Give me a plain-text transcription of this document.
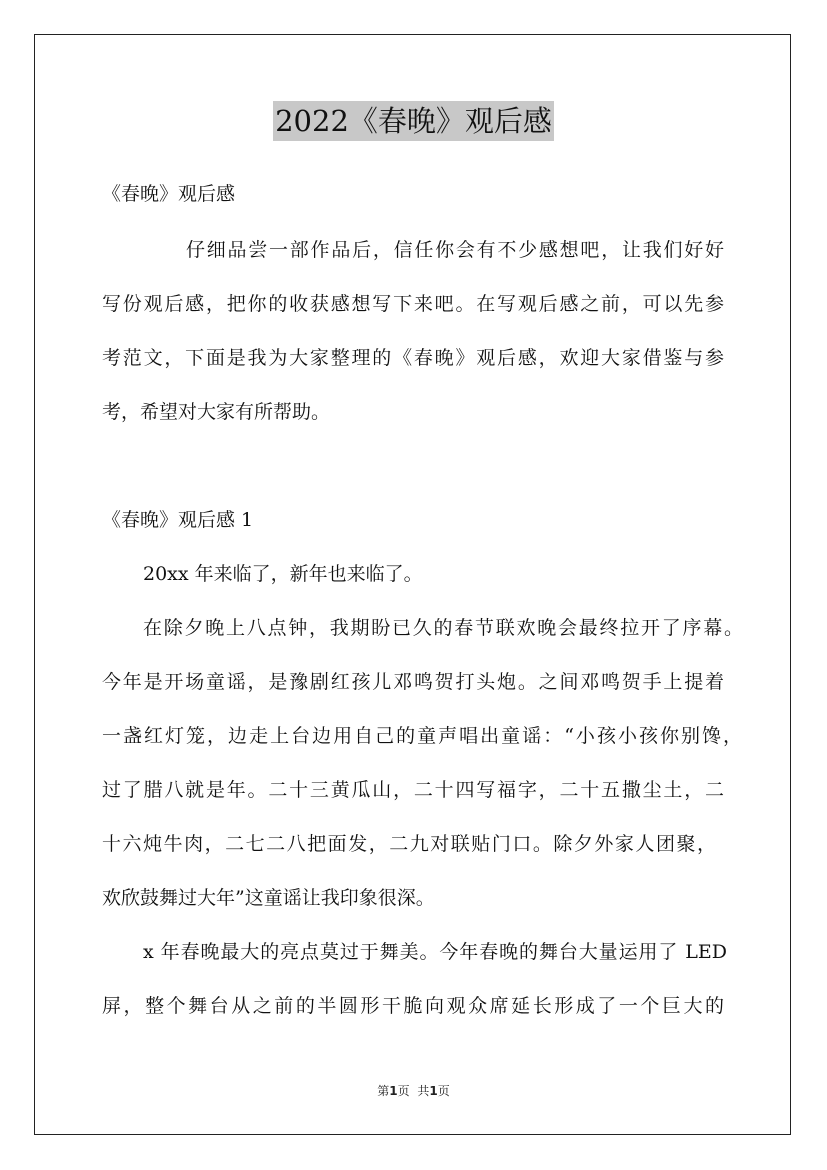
2022《春晚》观后感
《春晚》观后感
仔细品尝一部作品后，信任你会有不少感想吧，让我们好好
写份观后感，把你的收获感想写下来吧。在写观后感之前，可以先参
考范文，下面是我为大家整理的《春晚》观后感，欢迎大家借鉴与参
考，希望对大家有所帮助。
《春晚》观后感 1
20xx 年来临了，新年也来临了。
在除夕晚上八点钟，我期盼已久的春节联欢晚会最终拉开了序幕。
今年是开场童谣，是豫剧红孩儿邓鸣贺打头炮。之间邓鸣贺手上提着
一盏红灯笼，边走上台边用自己的童声唱出童谣：“小孩小孩你别馋，
过了腊八就是年。二十三黄瓜山，二十四写福字，二十五撒尘土，二
十六炖牛肉，二七二八把面发，二九对联贴门口。除夕外家人团聚，
欢欣鼓舞过大年”这童谣让我印象很深。
x 年春晚最大的亮点莫过于舞美。今年春晚的舞台大量运用了 LED
屏，整个舞台从之前的半圆形干脆向观众席延长形成了一个巨大的
第1页 共1页
